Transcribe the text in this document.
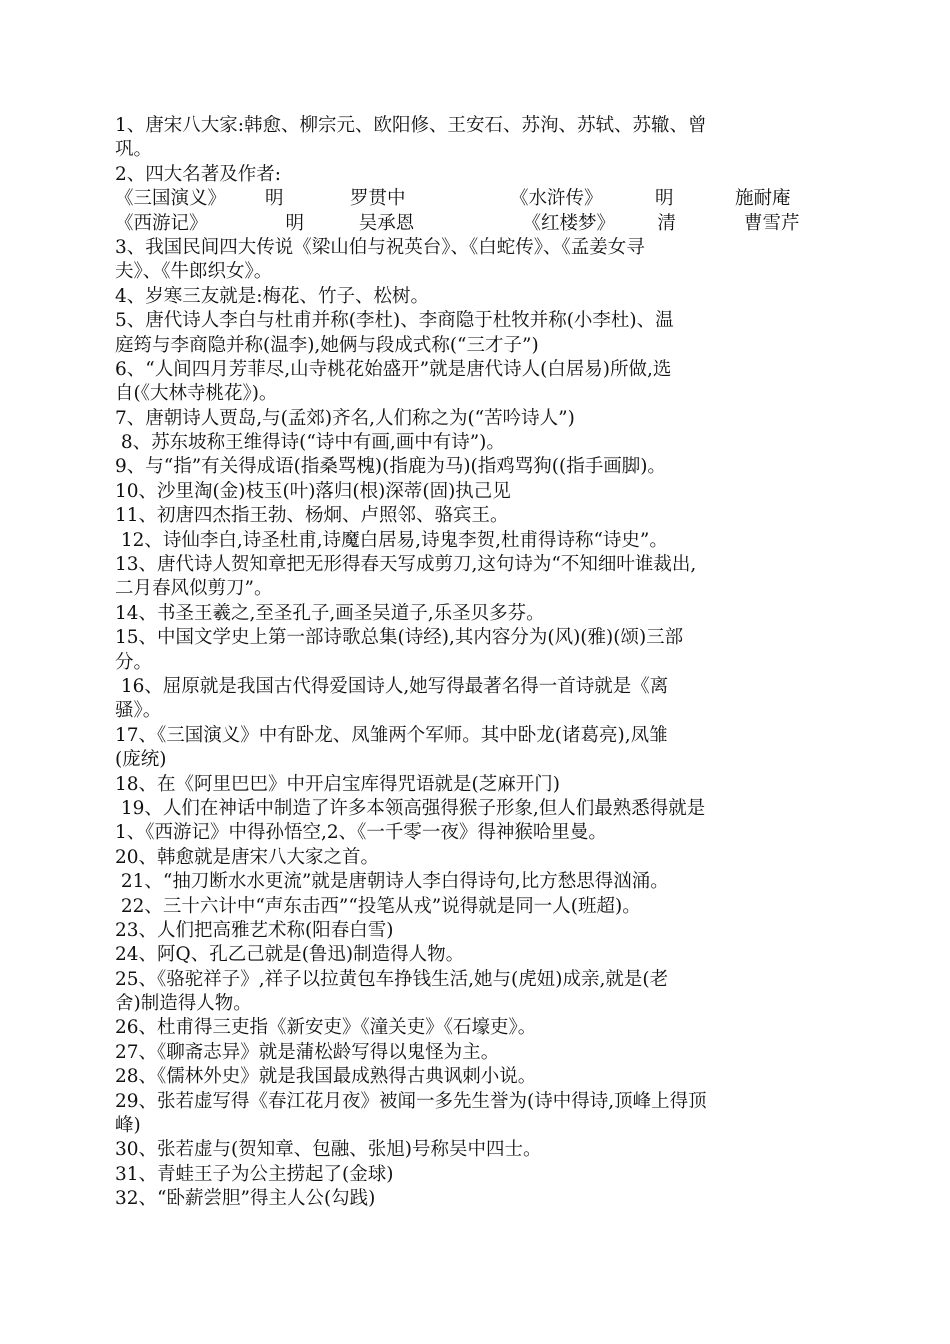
1、唐宋八大家:韩愈、柳宗元、欧阳修、王安石、苏洵、苏轼、苏辙、曾
巩。
2、四大名著及作者:
《三国演义》	明	罗贯中	《水浒传》	明	施耐庵
《西游记》	明	吴承恩	《红楼梦》	清	曹雪芹
3、我国民间四大传说《梁山伯与祝英台》、《白蛇传》、《孟姜女寻
夫》、《牛郎织女》。
4、岁寒三友就是:梅花、竹子、松树。
5、唐代诗人李白与杜甫并称(李杜)、李商隐于杜牧并称(小李杜)、温
庭筠与李商隐并称(温李),她俩与段成式称(“三才子”)
6、“人间四月芳菲尽,山寺桃花始盛开”就是唐代诗人(白居易)所做,选
自(《大林寺桃花》)。
7、唐朝诗人贾岛,与(孟郊)齐名,人们称之为(“苦吟诗人”)
8、苏东坡称王维得诗(“诗中有画,画中有诗”)。
9、与“指”有关得成语(指桑骂槐)(指鹿为马)(指鸡骂狗((指手画脚)。
10、沙里淘(金)枝玉(叶)落归(根)深蒂(固)执己见
11、初唐四杰指王勃、杨炯、卢照邻、骆宾王。
12、诗仙李白,诗圣杜甫,诗魔白居易,诗鬼李贺,杜甫得诗称“诗史”。
13、唐代诗人贺知章把无形得春天写成剪刀,这句诗为“不知细叶谁裁出,
二月春风似剪刀”。
14、书圣王羲之,至圣孔子,画圣吴道子,乐圣贝多芬。
15、中国文学史上第一部诗歌总集(诗经),其内容分为(风)(雅)(颂)三部
分。
16、屈原就是我国古代得爱国诗人,她写得最著名得一首诗就是《离
骚》。
17、《三国演义》中有卧龙、凤雏两个军师。其中卧龙(诸葛亮),凤雏
(庞统)
18、在《阿里巴巴》中开启宝库得咒语就是(芝麻开门)
19、人们在神话中制造了许多本领高强得猴子形象,但人们最熟悉得就是
1、《西游记》中得孙悟空,2、《一千零一夜》得神猴哈里曼。
20、韩愈就是唐宋八大家之首。
21、“抽刀断水水更流”就是唐朝诗人李白得诗句,比方愁思得汹涌。
22、三十六计中“声东击西”“投笔从戎”说得就是同一人(班超)。
23、人们把高雅艺术称(阳春白雪)
24、阿Q、孔乙己就是(鲁迅)制造得人物。
25、《骆驼祥子》,祥子以拉黄包车挣钱生活,她与(虎妞)成亲,就是(老
舍)制造得人物。
26、杜甫得三吏指《新安吏》《潼关吏》《石壕吏》。
27、《聊斋志异》就是蒲松龄写得以鬼怪为主。
28、《儒林外史》就是我国最成熟得古典讽刺小说。
29、张若虚写得《春江花月夜》被闻一多先生誉为(诗中得诗,顶峰上得顶
峰)
30、张若虚与(贺知章、包融、张旭)号称吴中四士。
31、青蛙王子为公主捞起了(金球)
32、“卧薪尝胆”得主人公(勾践)
